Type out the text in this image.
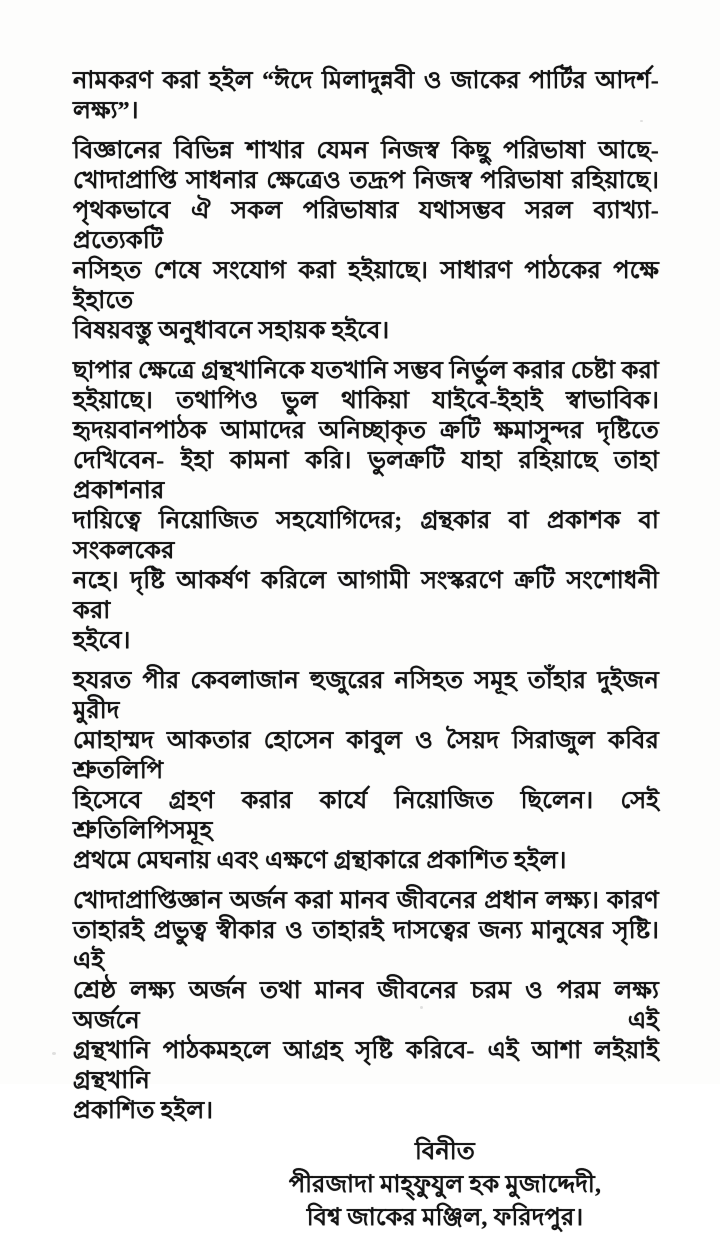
নামকরণ করা হইল “ঈদে মিলাদুন্নবী ও জাকের পার্টির আদর্শ-
লক্ষ্য”।
বিজ্ঞানের বিভিন্ন শাখার যেমন নিজস্ব কিছু পরিভাষা আছে-
খোদাপ্রাপ্তি সাধনার ক্ষেত্রেও তদ্রূপ নিজস্ব পরিভাষা রহিয়াছে।
পৃথকভাবে ঐ সকল পরিভাষার যথাসম্ভব সরল ব্যাখ্যা-প্রত্যেকটি
নসিহত শেষে সংযোগ করা হইয়াছে। সাধারণ পাঠকের পক্ষে ইহাতে
বিষয়বস্তু অনুধাবনে সহায়ক হইবে।
ছাপার ক্ষেত্রে গ্রন্থখানিকে যতখানি সম্ভব নির্ভুল করার চেষ্টা করা
হইয়াছে। তথাপিও ভুল থাকিয়া যাইবে-ইহাই স্বাভাবিক।
হৃদয়বানপাঠক আমাদের অনিচ্ছাকৃত ক্রটি ক্ষমাসুন্দর দৃষ্টিতে
দেখিবেন- ইহা কামনা করি। ভুলক্রটি যাহা রহিয়াছে তাহা প্রকাশনার
দায়িত্বে নিয়োজিত সহযোগিদের; গ্রন্থকার বা প্রকাশক বা সংকলকের
নহে। দৃষ্টি আকর্ষণ করিলে আগামী সংস্করণে ক্রটি সংশোধনী করা
হইবে।
হযরত পীর কেবলাজান হুজুরের নসিহত সমূহ তাঁহার দুইজন মুরীদ
মোহাম্মদ আকতার হোসেন কাবুল ও সৈয়দ সিরাজুল কবির শ্রুতলিপি
হিসেবে গ্রহণ করার কার্যে নিয়োজিত ছিলেন। সেই শ্রুতিলিপিসমূহ
প্রথমে মেঘনায় এবং এক্ষণে গ্রন্থাকারে প্রকাশিত হইল।
খোদাপ্রাপ্তিজ্ঞান অর্জন করা মানব জীবনের প্রধান লক্ষ্য। কারণ
তাহারই প্রভুত্ব স্বীকার ও তাহারই দাসত্বের জন্য মানুষের সৃষ্টি। এই
শ্রেষ্ঠ লক্ষ্য অর্জন তথা মানব জীবনের চরম ও পরম লক্ষ্য অর্জনে এই
গ্রন্থখানি পাঠকমহলে আগ্রহ সৃষ্টি করিবে- এই আশা লইয়াই গ্রন্থখানি
প্রকাশিত হইল।
বিনীত
পীরজাদা মাহ্‌ফুযুল হক মুজাদ্দেদী,
বিশ্ব জাকের মঞ্জিল, ফরিদপুর।
